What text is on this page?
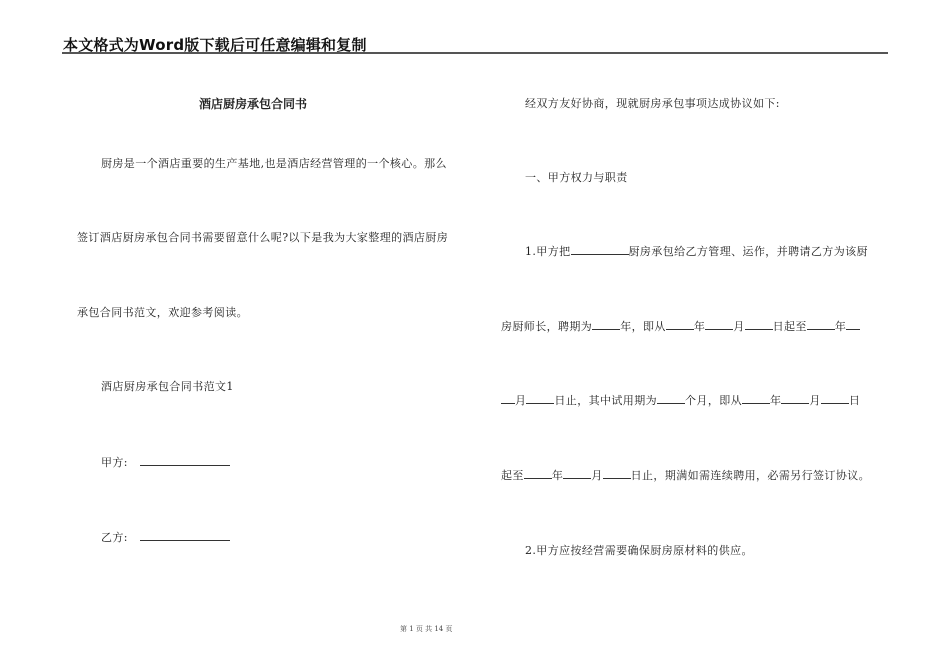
本文格式为Word版下载后可任意编辑和复制
酒店厨房承包合同书
厨房是一个酒店重要的生产基地,也是酒店经营管理的一个核心。那么
签订酒店厨房承包合同书需要留意什么呢?以下是我为大家整理的酒店厨房
承包合同书范文，欢迎参考阅读。
酒店厨房承包合同书范文1
甲方:
乙方:
经双方友好协商，现就厨房承包事项达成协议如下:
一、甲方权力与职责
1.甲方把	厨房承包给乙方管理、运作，并聘请乙方为该厨
房厨师长，聘期为	年，即从	年	月	日起至	年
月	日止，其中试用期为	个月，即从	年	月	日
起至	年	月	日止，期满如需连续聘用，必需另行签订协议。
2.甲方应按经营需要确保厨房原材料的供应。
第 1 页 共 14 页
